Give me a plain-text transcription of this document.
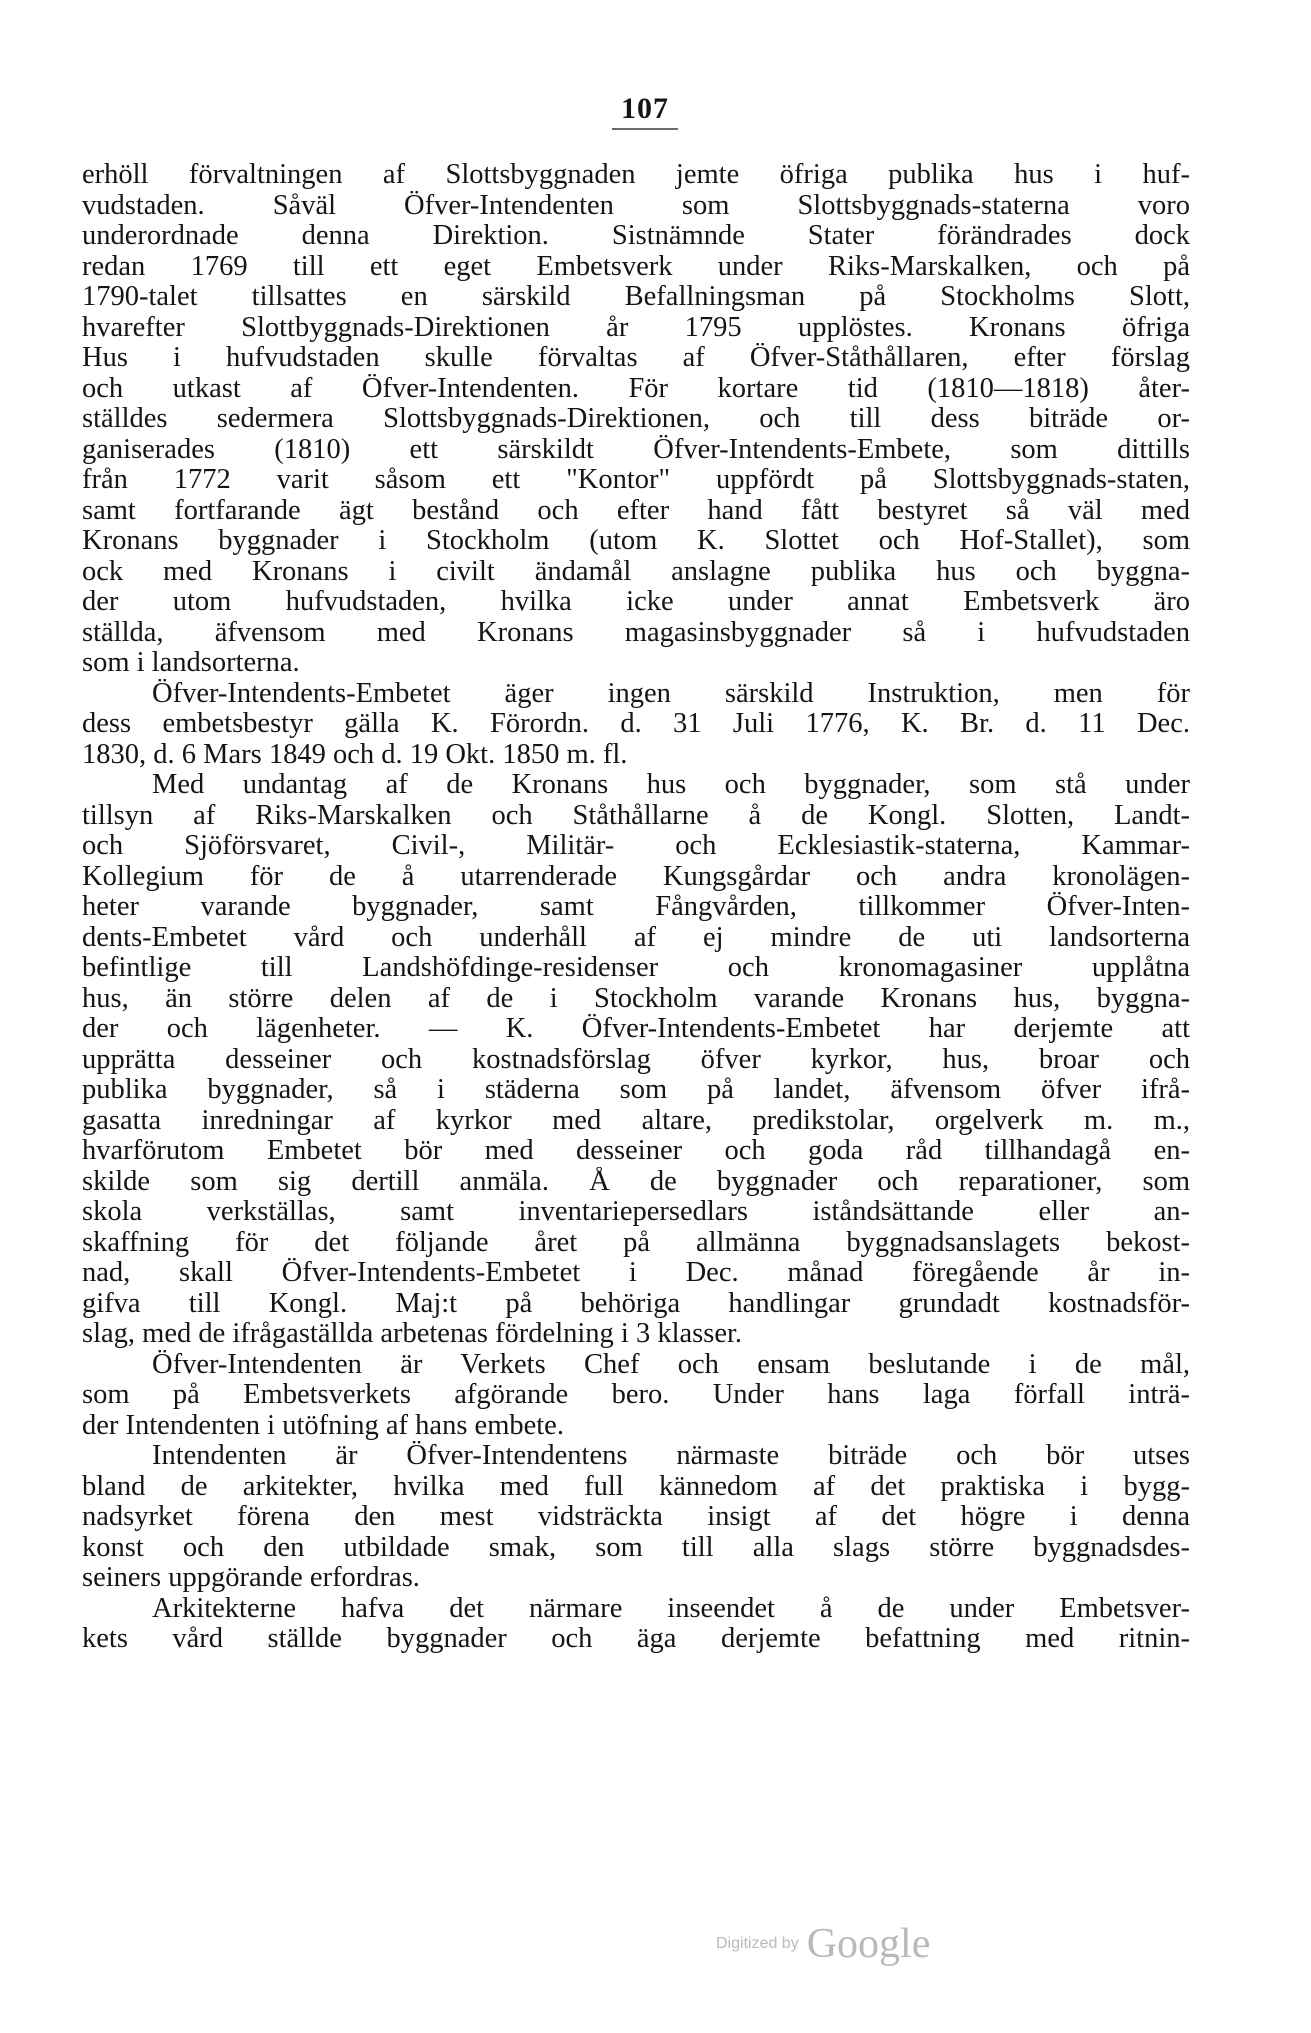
107
erhöll förvaltningen af Slottsbyggnaden jemte öfriga publika hus i huf-
vudstaden. Såväl Öfver-Intendenten som Slottsbyggnads-staterna voro
underordnade denna Direktion. Sistnämnde Stater förändrades dock
redan 1769 till ett eget Embetsverk under Riks-Marskalken, och på
1790-talet tillsattes en särskild Befallningsman på Stockholms Slott,
hvarefter Slottbyggnads-Direktionen år 1795 upplöstes. Kronans öfriga
Hus i hufvudstaden skulle förvaltas af Öfver-Ståthållaren, efter förslag
och utkast af Öfver-Intendenten. För kortare tid (1810—1818) åter-
ställdes sedermera Slottsbyggnads-Direktionen, och till dess biträde or-
ganiserades (1810) ett särskildt Öfver-Intendents-Embete, som dittills
från 1772 varit såsom ett "Kontor" uppfördt på Slottsbyggnads-staten,
samt fortfarande ägt bestånd och efter hand fått bestyret så väl med
Kronans byggnader i Stockholm (utom K. Slottet och Hof-Stallet), som
ock med Kronans i civilt ändamål anslagne publika hus och byggna-
der utom hufvudstaden, hvilka icke under annat Embetsverk äro
ställda, äfvensom med Kronans magasinsbyggnader så i hufvudstaden
som i landsorterna.
Öfver-Intendents-Embetet äger ingen särskild Instruktion, men för
dess embetsbestyr gälla K. Förordn. d. 31 Juli 1776, K. Br. d. 11 Dec.
1830, d. 6 Mars 1849 och d. 19 Okt. 1850 m. fl.
Med undantag af de Kronans hus och byggnader, som stå under
tillsyn af Riks-Marskalken och Ståthållarne å de Kongl. Slotten, Landt-
och Sjöförsvaret, Civil-, Militär- och Ecklesiastik-staterna, Kammar-
Kollegium för de å utarrenderade Kungsgårdar och andra kronolägen-
heter varande byggnader, samt Fångvården, tillkommer Öfver-Inten-
dents-Embetet vård och underhåll af ej mindre de uti landsorterna
befintlige till Landshöfdinge-residenser och kronomagasiner upplåtna
hus, än större delen af de i Stockholm varande Kronans hus, byggna-
der och lägenheter. — K. Öfver-Intendents-Embetet har derjemte att
upprätta desseiner och kostnadsförslag öfver kyrkor, hus, broar och
publika byggnader, så i städerna som på landet, äfvensom öfver ifrå-
gasatta inredningar af kyrkor med altare, predikstolar, orgelverk m. m.,
hvarförutom Embetet bör med desseiner och goda råd tillhandagå en-
skilde som sig dertill anmäla. Å de byggnader och reparationer, som
skola verkställas, samt inventariepersedlars iståndsättande eller an-
skaffning för det följande året på allmänna byggnadsanslagets bekost-
nad, skall Öfver-Intendents-Embetet i Dec. månad föregående år in-
gifva till Kongl. Maj:t på behöriga handlingar grundadt kostnadsför-
slag, med de ifrågaställda arbetenas fördelning i 3 klasser.
Öfver-Intendenten är Verkets Chef och ensam beslutande i de mål,
som på Embetsverkets afgörande bero. Under hans laga förfall inträ-
der Intendenten i utöfning af hans embete.
Intendenten är Öfver-Intendentens närmaste biträde och bör utses
bland de arkitekter, hvilka med full kännedom af det praktiska i bygg-
nadsyrket förena den mest vidsträckta insigt af det högre i denna
konst och den utbildade smak, som till alla slags större byggnadsdes-
seiners uppgörande erfordras.
Arkitekterne hafva det närmare inseendet å de under Embetsver-
kets vård ställde byggnader och äga derjemte befattning med ritnin-
Digitized by Google
